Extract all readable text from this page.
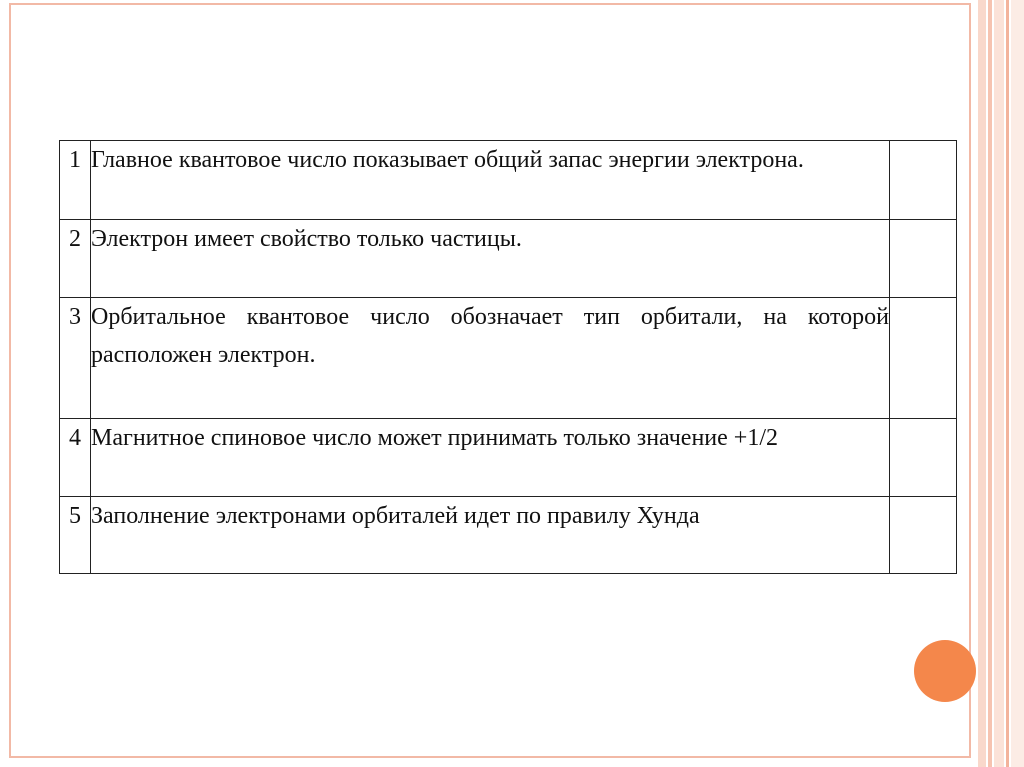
1	Главное квантовое число показывает общий запас энергии электрона.	
2	Электрон имеет свойство только частицы.	
3	Орбитальное квантовое число обозначает тип орбитали, на которой расположен электрон.	
4	Магнитное спиновое число может принимать только значение +1/2	
5	Заполнение электронами орбиталей идет по правилу Хунда	
